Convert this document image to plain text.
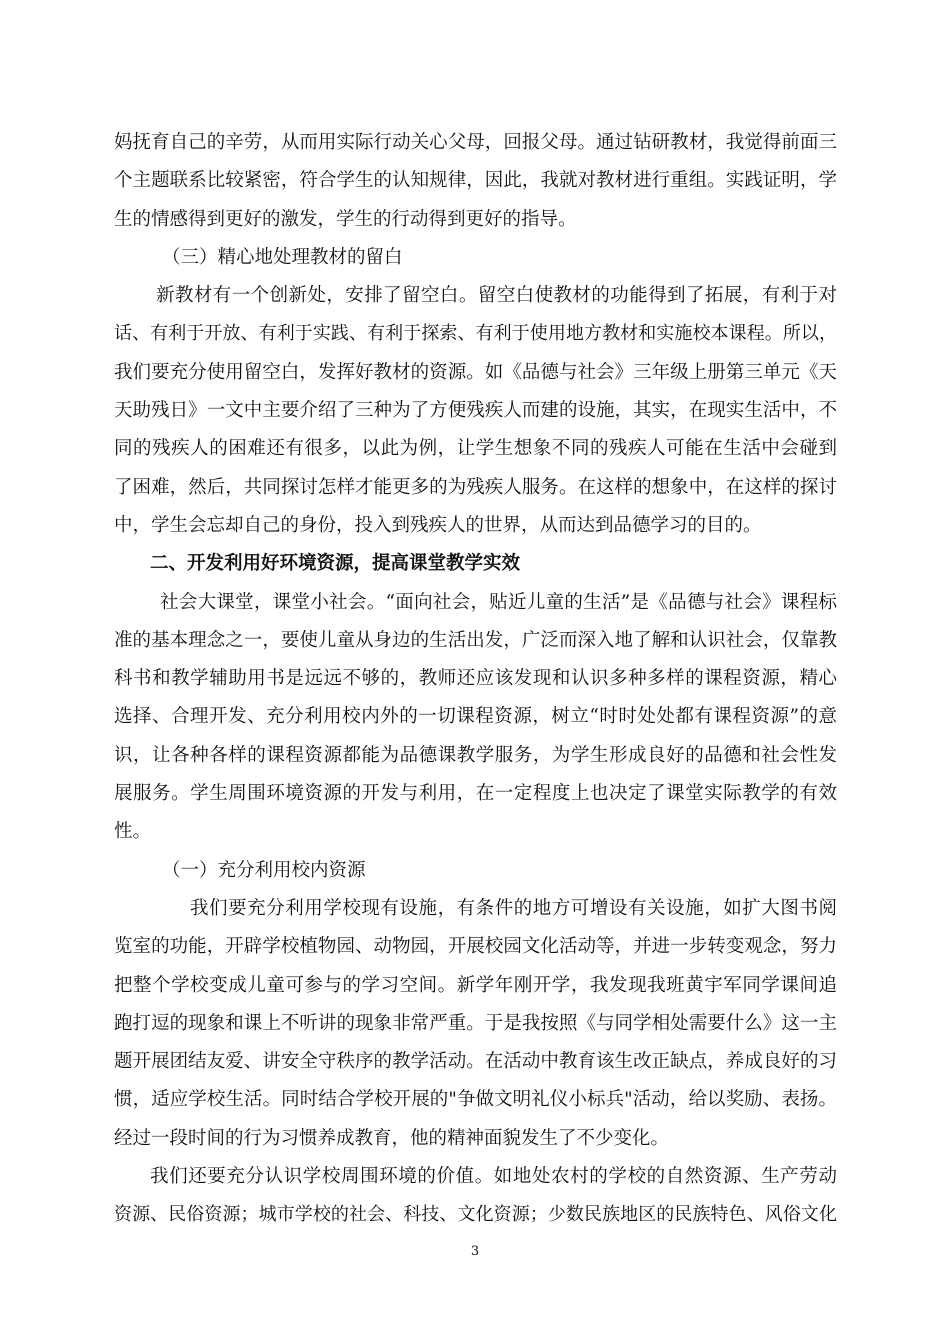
妈抚育自己的辛劳，从而用实际行动关心父母，回报父母。通过钻研教材，我觉得前面三
个主题联系比较紧密，符合学生的认知规律，因此，我就对教材进行重组。实践证明，学
生的情感得到更好的激发，学生的行动得到更好的指导。
（三）精心地处理教材的留白
新教材有一个创新处，安排了留空白。留空白使教材的功能得到了拓展，有利于对
话、有利于开放、有利于实践、有利于探索、有利于使用地方教材和实施校本课程。所以，
我们要充分使用留空白，发挥好教材的资源。如《品德与社会》三年级上册第三单元《天
天助残日》一文中主要介绍了三种为了方便残疾人而建的设施，其实，在现实生活中，不
同的残疾人的困难还有很多，以此为例，让学生想象不同的残疾人可能在生活中会碰到
了困难，然后，共同探讨怎样才能更多的为残疾人服务。在这样的想象中，在这样的探讨
中，学生会忘却自己的身份，投入到残疾人的世界，从而达到品德学习的目的。
二、开发利用好环境资源，提高课堂教学实效
社会大课堂，课堂小社会。“面向社会，贴近儿童的生活”是《品德与社会》课程标
准的基本理念之一，要使儿童从身边的生活出发，广泛而深入地了解和认识社会，仅靠教
科书和教学辅助用书是远远不够的，教师还应该发现和认识多种多样的课程资源，精心
选择、合理开发、充分利用校内外的一切课程资源，树立“时时处处都有课程资源”的意
识，让各种各样的课程资源都能为品德课教学服务，为学生形成良好的品德和社会性发
展服务。学生周围环境资源的开发与利用，在一定程度上也决定了课堂实际教学的有效
性。
（一）充分利用校内资源
我们要充分利用学校现有设施，有条件的地方可增设有关设施，如扩大图书阅
览室的功能，开辟学校植物园、动物园，开展校园文化活动等，并进一步转变观念，努力
把整个学校变成儿童可参与的学习空间。新学年刚开学，我发现我班黄宇军同学课间追
跑打逗的现象和课上不听讲的现象非常严重。于是我按照《与同学相处需要什么》这一主
题开展团结友爱、讲安全守秩序的教学活动。在活动中教育该生改正缺点，养成良好的习
惯，适应学校生活。同时结合学校开展的"争做文明礼仪小标兵"活动，给以奖励、表扬。
经过一段时间的行为习惯养成教育，他的精神面貌发生了不少变化。
我们还要充分认识学校周围环境的价值。如地处农村的学校的自然资源、生产劳动
资源、民俗资源；城市学校的社会、科技、文化资源；少数民族地区的民族特色、风俗文化
3
